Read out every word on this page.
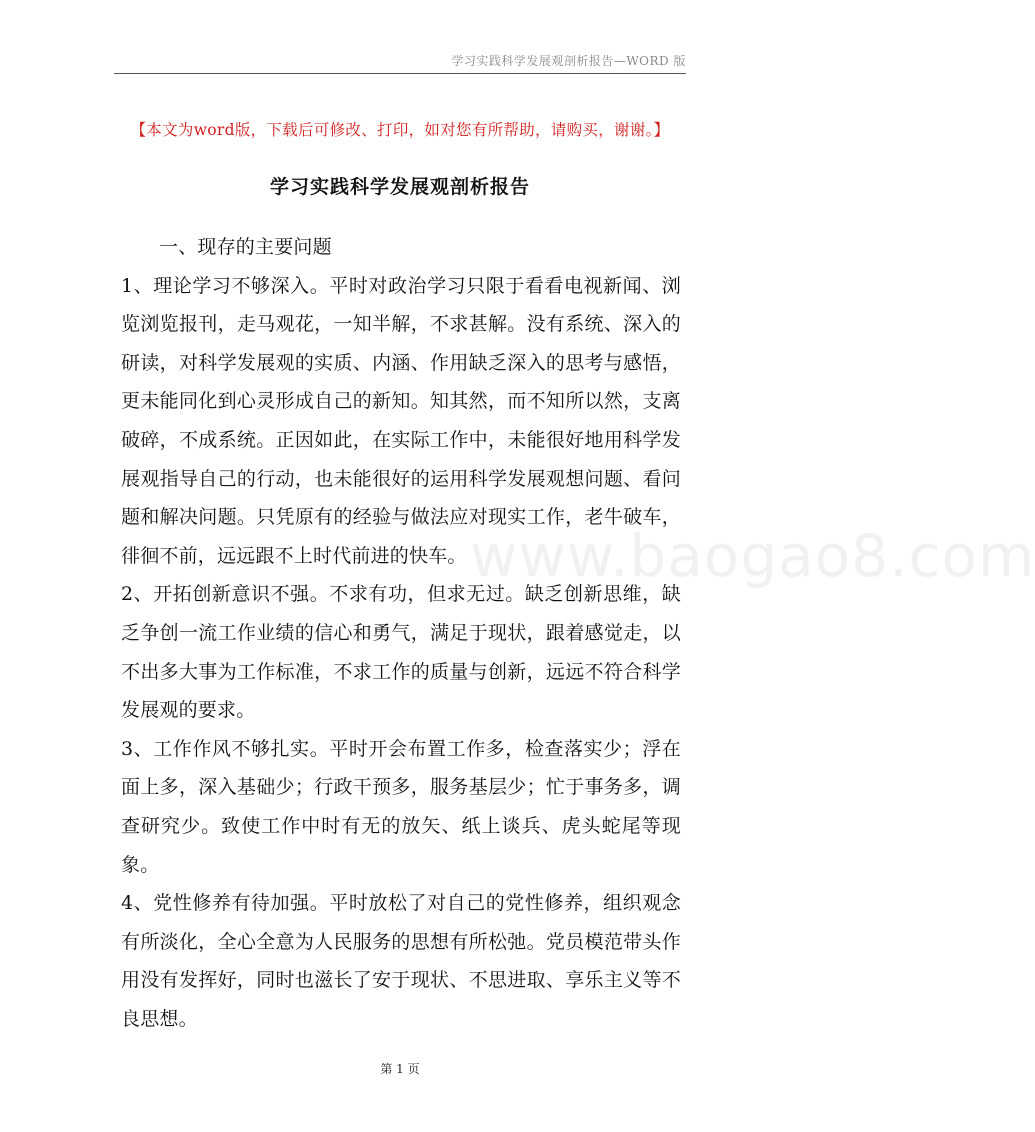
学习实践科学发展观剖析报告—WORD 版
【本文为word版，下载后可修改、打印，如对您有所帮助，请购买，谢谢。】
学习实践科学发展观剖析报告
www.baogao8.com

一、现存的主要问题

1、理论学习不够深入。平时对政治学习只限于看看电视新闻、浏览浏览报刊，走马观花，一知半解，不求甚解。没有系统、深入的研读，对科学发展观的实质、内涵、作用缺乏深入的思考与感悟，更未能同化到心灵形成自己的新知。知其然，而不知所以然，支离破碎，不成系统。正因如此，在实际工作中，未能很好地用科学发展观指导自己的行动，也未能很好的运用科学发展观想问题、看问题和解决问题。只凭原有的经验与做法应对现实工作，老牛破车，徘徊不前，远远跟不上时代前进的快车。

2、开拓创新意识不强。不求有功，但求无过。缺乏创新思维，缺乏争创一流工作业绩的信心和勇气，满足于现状，跟着感觉走，以不出多大事为工作标准，不求工作的质量与创新，远远不符合科学发展观的要求。

3、工作作风不够扎实。平时开会布置工作多，检查落实少；浮在面上多，深入基础少；行政干预多，服务基层少；忙于事务多，调查研究少。致使工作中时有无的放矢、纸上谈兵、虎头蛇尾等现象。

4、党性修养有待加强。平时放松了对自己的党性修养，组织观念有所淡化，全心全意为人民服务的思想有所松弛。党员模范带头作用没有发挥好，同时也滋长了安于现状、不思进取、享乐主义等不良思想。

第 1 页
